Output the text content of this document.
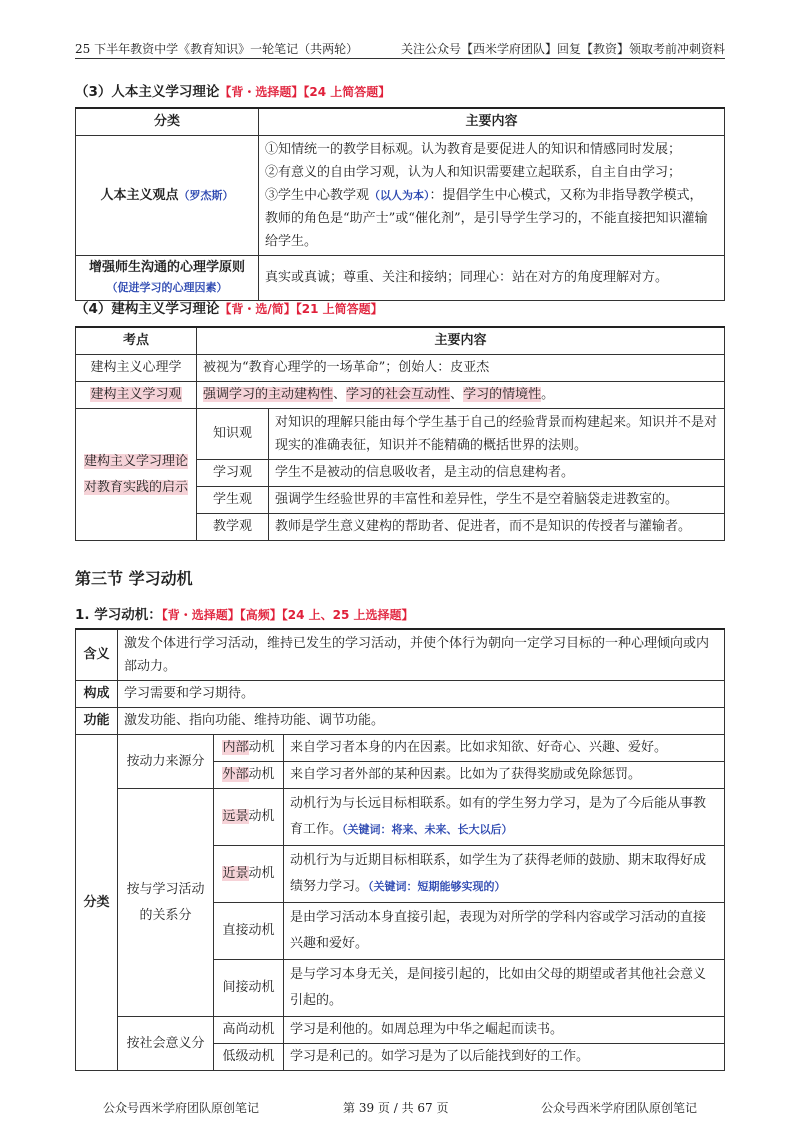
25 下半年教资中学《教育知识》一轮笔记（共两轮）	关注公众号【西米学府团队】回复【教资】领取考前冲刺资料
（3）人本主义学习理论【背・选择题】【24 上简答题】
分类	主要内容
人本主义观点（罗杰斯）	①知情统一的教学目标观。认为教育是要促进人的知识和情感同时发展；
②有意义的自由学习观，认为人和知识需要建立起联系，自主自由学习；
③学生中心教学观（以人为本）：提倡学生中心模式，又称为非指导教学模式，
教师的角色是“助产士”或“催化剂”，是引导学生学习的，不能直接把知识灌输给学生。

增强师生沟通的心理学原则
（促进学习的心理因素）	真实或真诚；尊重、关注和接纳；同理心：站在对方的角度理解对方。
（4）建构主义学习理论【背・选/简】【21 上简答题】
考点	主要内容	
建构主义心理学	被视为“教育心理学的一场革命”；创始人：皮亚杰	
建构主义学习观	强调学习的主动建构性、学习的社会互动性、学习的情境性。	

建构主义学习理论
对教育实践的启示	知识观	对知识的理解只能由每个学生基于自己的经验背景而构建起来。知识并不是对现实的准确表征，知识并不能精确的概括世界的法则。
	学习观	学生不是被动的信息吸收者，是主动的信息建构者。
	学生观	强调学生经验世界的丰富性和差异性，学生不是空着脑袋走进教室的。
	教学观	教师是学生意义建构的帮助者、促进者，而不是知识的传授者与灌输者。
第三节 学习动机
1. 学习动机：【背・选择题】【高频】【24 上、25 上选择题】
含义	激发个体进行学习活动，维持已发生的学习活动，并使个体行为朝向一定学习目标的一种心理倾向或内部动力。		
构成	学习需要和学习期待。		
功能	激发功能、指向功能、维持功能、调节功能。		
分类	按动力来源分	内部动机	来自学习者本身的内在因素。比如求知欲、好奇心、兴趣、爱好。
		外部动机	来自学习者外部的某种因素。比如为了获得奖励或免除惩罚。

	按与学习活动
的关系分	远景动机	动机行为与长远目标相联系。如有的学生努力学习，是为了今后能从事教育工作。（关键词：将来、未来、长大以后）
		近景动机	动机行为与近期目标相联系，如学生为了获得老师的鼓励、期末取得好成绩努力学习。（关键词：短期能够实现的）
		直接动机	是由学习活动本身直接引起，表现为对所学的学科内容或学习活动的直接兴趣和爱好。
		间接动机	是与学习本身无关，是间接引起的，比如由父母的期望或者其他社会意义引起的。
	按社会意义分	高尚动机	学习是利他的。如周总理为中华之崛起而读书。
		低级动机	学习是利己的。如学习是为了以后能找到好的工作。
公众号西米学府团队原创笔记	第 39 页 / 共 67 页	公众号西米学府团队原创笔记
